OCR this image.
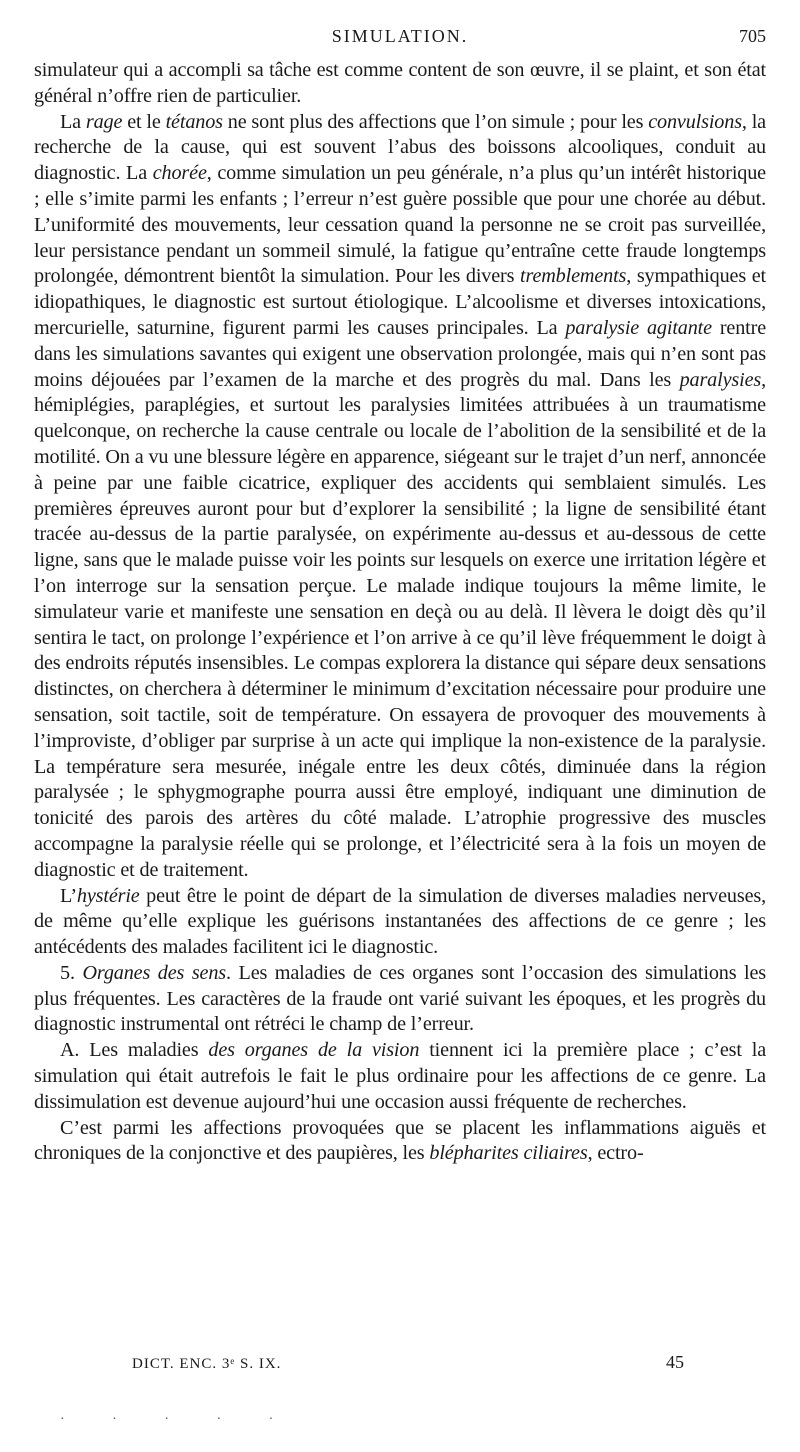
SIMULATION.	705

simulateur qui a accompli sa tâche est comme content de son œuvre, il se plaint, et son état général n’offre rien de particulier.

La rage et le tétanos ne sont plus des affections que l’on simule ; pour les convulsions, la recherche de la cause, qui est souvent l’abus des boissons alcooliques, conduit au diagnostic. La chorée, comme simulation un peu générale, n’a plus qu’un intérêt historique ; elle s’imite parmi les enfants ; l’erreur n’est guère possible que pour une chorée au début. L’uniformité des mouvements, leur cessation quand la personne ne se croit pas surveillée, leur persistance pendant un sommeil simulé, la fatigue qu’entraîne cette fraude longtemps prolongée, démontrent bientôt la simulation. Pour les divers tremblements, sympathiques et idiopathiques, le diagnostic est surtout étiologique. L’alcoolisme et diverses intoxications, mercurielle, saturnine, figurent parmi les causes principales. La paralysie agitante rentre dans les simulations savantes qui exigent une observation prolongée, mais qui n’en sont pas moins déjouées par l’examen de la marche et des progrès du mal. Dans les paralysies, hémiplégies, paraplégies, et surtout les paralysies limitées attribuées à un traumatisme quelconque, on recherche la cause centrale ou locale de l’abolition de la sensibilité et de la motilité. On a vu une blessure légère en apparence, siégeant sur le trajet d’un nerf, annoncée à peine par une faible cicatrice, expliquer des accidents qui semblaient simulés. Les premières épreuves auront pour but d’explorer la sensibilité ; la ligne de sensibilité étant tracée au-dessus de la partie paralysée, on expérimente au-dessus et au-dessous de cette ligne, sans que le malade puisse voir les points sur lesquels on exerce une irritation légère et l’on interroge sur la sensation perçue. Le malade indique toujours la même limite, le simulateur varie et manifeste une sensation en deçà ou au delà. Il lèvera le doigt dès qu’il sentira le tact, on prolonge l’expérience et l’on arrive à ce qu’il lève fréquemment le doigt à des endroits réputés insensibles. Le compas explorera la distance qui sépare deux sensations distinctes, on cherchera à déterminer le minimum d’excitation nécessaire pour produire une sensation, soit tactile, soit de température. On essayera de provoquer des mouvements à l’improviste, d’obliger par surprise à un acte qui implique la non-existence de la paralysie. La température sera mesurée, inégale entre les deux côtés, diminuée dans la région paralysée ; le sphygmographe pourra aussi être employé, indiquant une diminution de tonicité des parois des artères du côté malade. L’atrophie progressive des muscles accompagne la paralysie réelle qui se prolonge, et l’électricité sera à la fois un moyen de diagnostic et de traitement.

L’hystérie peut être le point de départ de la simulation de diverses maladies nerveuses, de même qu’elle explique les guérisons instantanées des affections de ce genre ; les antécédents des malades facilitent ici le diagnostic.

5. Organes des sens. Les maladies de ces organes sont l’occasion des simulations les plus fréquentes. Les caractères de la fraude ont varié suivant les époques, et les progrès du diagnostic instrumental ont rétréci le champ de l’erreur.

A. Les maladies des organes de la vision tiennent ici la première place ; c’est la simulation qui était autrefois le fait le plus ordinaire pour les affections de ce genre. La dissimulation est devenue aujourd’hui une occasion aussi fréquente de recherches.

C’est parmi les affections provoquées que se placent les inflammations aiguës et chroniques de la conjonctive et des paupières, les blépharites ciliaires, ectro-

DICT. ENC. 3ᵉ S. IX.	45
· · · · ·
